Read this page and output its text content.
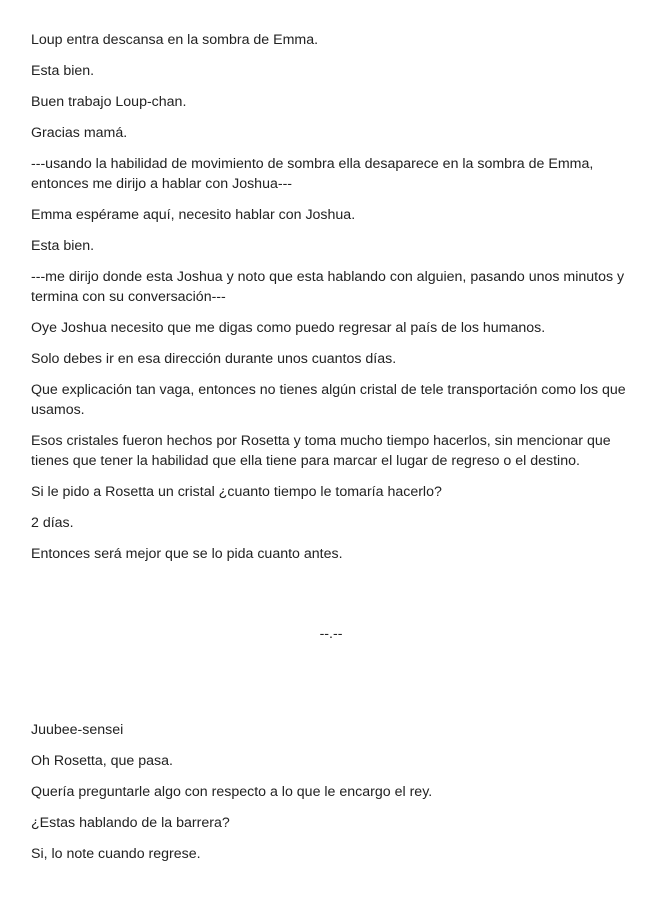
Loup entra descansa en la sombra de Emma.

Esta bien.

Buen trabajo Loup-chan.

Gracias mamá.

---usando la habilidad de movimiento de sombra ella desaparece en la sombra de Emma, entonces me dirijo a hablar con Joshua---

Emma espérame aquí, necesito hablar con Joshua.

Esta bien.

---me dirijo donde esta Joshua y noto que esta hablando con alguien, pasando unos minutos y termina con su conversación---

Oye Joshua necesito que me digas como puedo regresar al país de los humanos.

Solo debes ir en esa dirección durante unos cuantos días.

Que explicación tan vaga, entonces no tienes algún cristal de tele transportación como los que usamos.

Esos cristales fueron hechos por Rosetta y toma mucho tiempo hacerlos, sin mencionar que tienes que tener la habilidad que ella tiene para marcar el lugar de regreso o el destino.

Si le pido a Rosetta un cristal ¿cuanto tiempo le tomaría hacerlo?

2 días.

Entonces será mejor que se lo pida cuanto antes.

--.--

Juubee-sensei

Oh Rosetta, que pasa.

Quería preguntarle algo con respecto a lo que le encargo el rey.

¿Estas hablando de la barrera?

Si, lo note cuando regrese.
